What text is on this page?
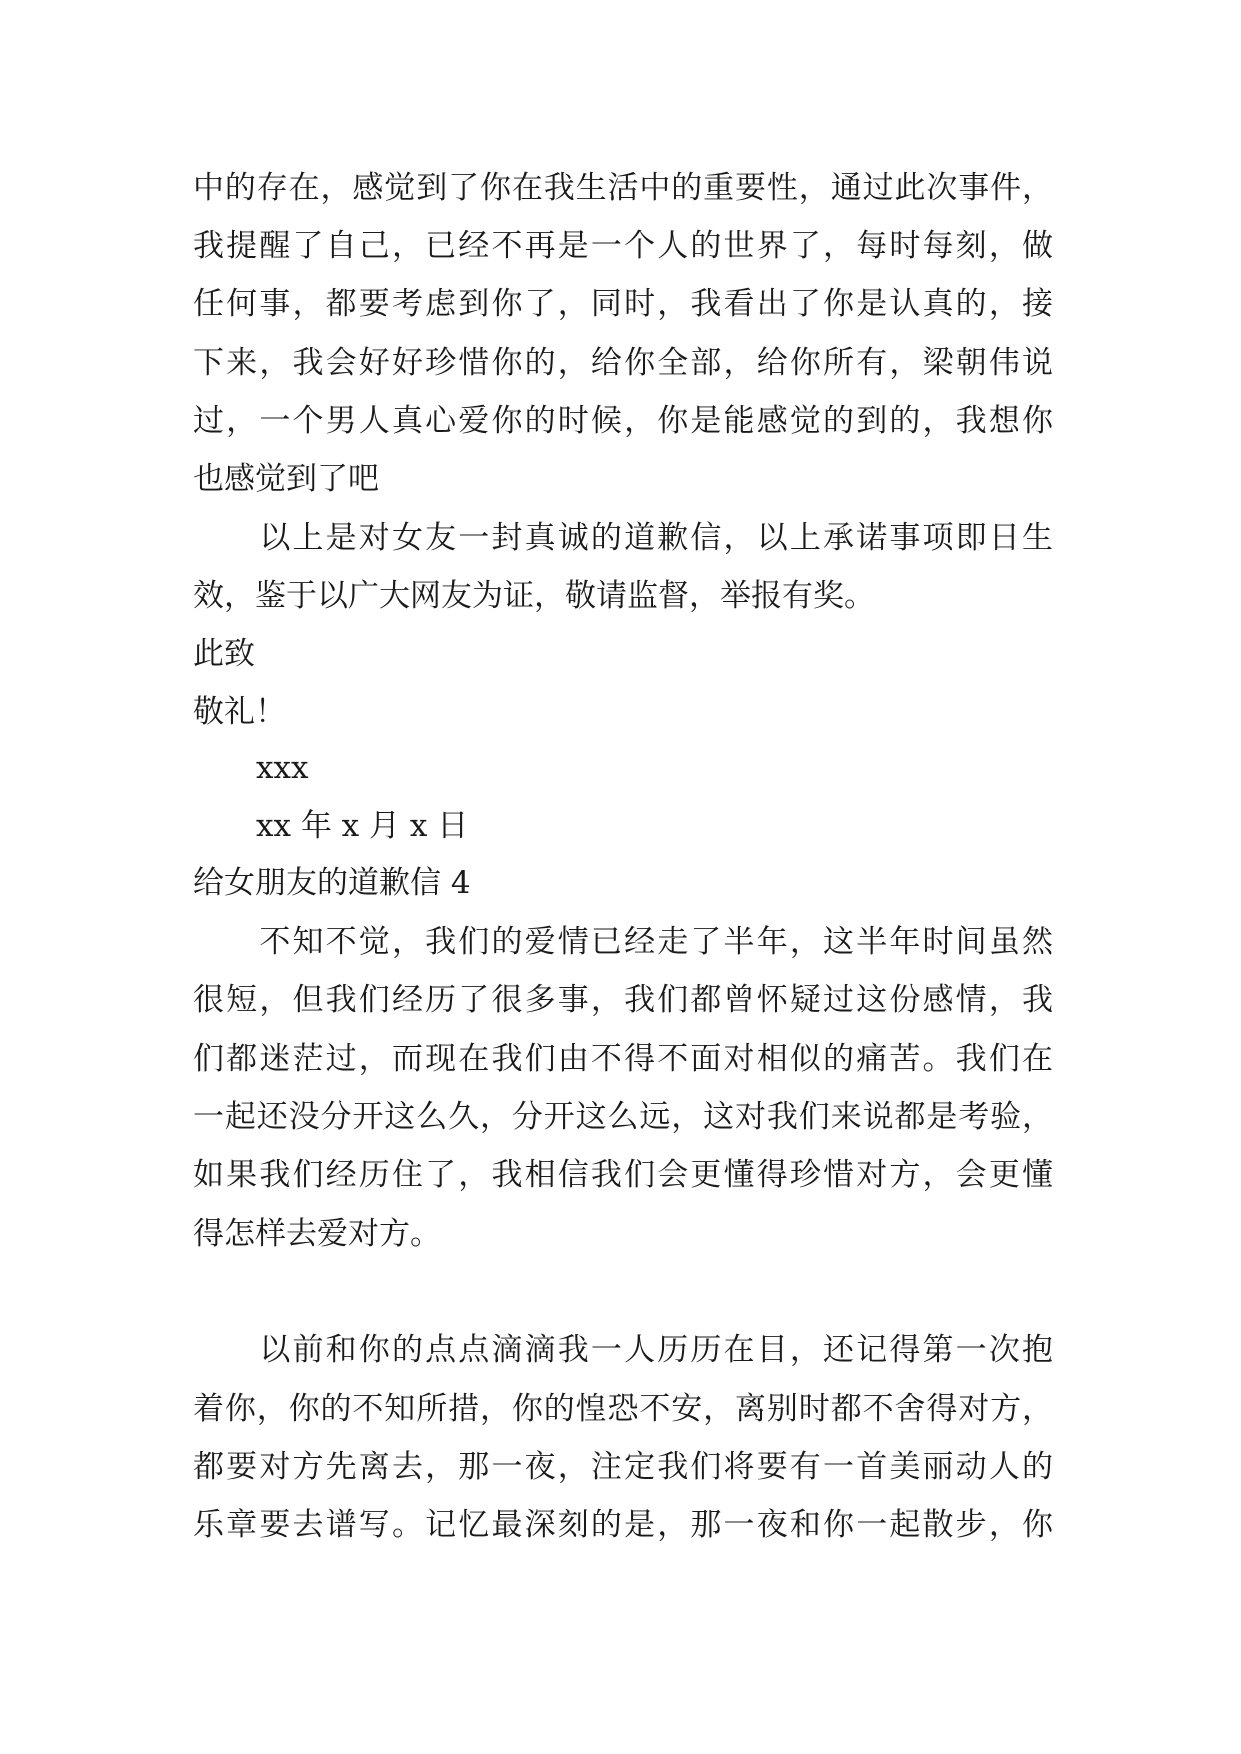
中的存在，感觉到了你在我生活中的重要性，通过此次事件，
我提醒了自己，已经不再是一个人的世界了，每时每刻，做
任何事，都要考虑到你了，同时，我看出了你是认真的，接
下来，我会好好珍惜你的，给你全部，给你所有，梁朝伟说
过，一个男人真心爱你的时候，你是能感觉的到的，我想你
也感觉到了吧
　　以上是对女友一封真诚的道歉信，以上承诺事项即日生
效，鉴于以广大网友为证，敬请监督，举报有奖。
此致
敬礼！
xxx
xx 年 x 月 x 日
给女朋友的道歉信 4
　　不知不觉，我们的爱情已经走了半年，这半年时间虽然
很短，但我们经历了很多事，我们都曾怀疑过这份感情，我
们都迷茫过，而现在我们由不得不面对相似的痛苦。我们在
一起还没分开这么久，分开这么远，这对我们来说都是考验，
如果我们经历住了，我相信我们会更懂得珍惜对方，会更懂
得怎样去爱对方。
　　以前和你的点点滴滴我一人历历在目，还记得第一次抱
着你，你的不知所措，你的惶恐不安，离别时都不舍得对方，
都要对方先离去，那一夜，注定我们将要有一首美丽动人的
乐章要去谱写。记忆最深刻的是，那一夜和你一起散步，你
